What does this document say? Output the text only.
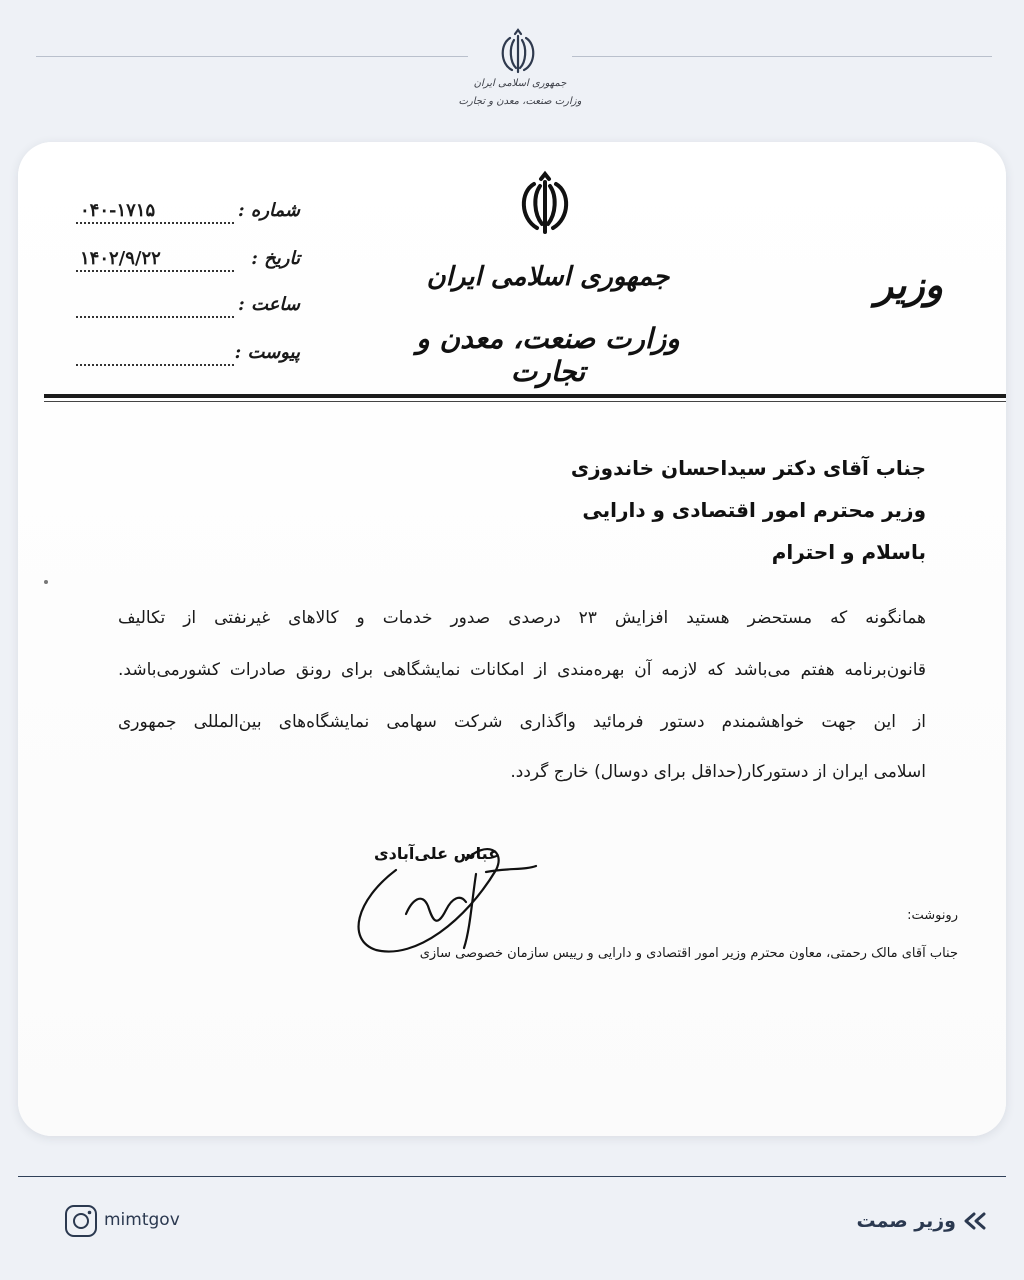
جمهوری اسلامی ایران
وزارت صنعت، معدن و تجارت
شماره :
۰۴۰-۱۷۱۵
تاریخ :
۱۴۰۲/۹/۲۲
ساعت :
پیوست :
جمهوری اسلامی ایران
وزارت صنعت، معدن و تجارت
وزیر
جناب آقای دکتر سیداحسان خاندوزی
وزیر محترم امور اقتصادی و دارایی
باسلام و احترام
همانگونه که مستحضر هستید افزایش ۲۳ درصدی صدور خدمات و کالاهای غیرنفتی از تکالیف
قانون‌برنامه هفتم می‌باشد که لازمه آن بهره‌مندی از امکانات نمایشگاهی برای رونق صادرات کشورمی‌باشد.
از این جهت خواهشمندم دستور فرمائید واگذاری شرکت سهامی نمایشگاه‌های بین‌المللی جمهوری
اسلامی ایران از دستورکار(حداقل برای دوسال) خارج گردد.
عباس علی‌آبادی
رونوشت:
جناب آقای مالک رحمتی، معاون محترم وزیر امور اقتصادی و دارایی و رییس سازمان خصوصی سازی
mimtgov	وزیر صمت
